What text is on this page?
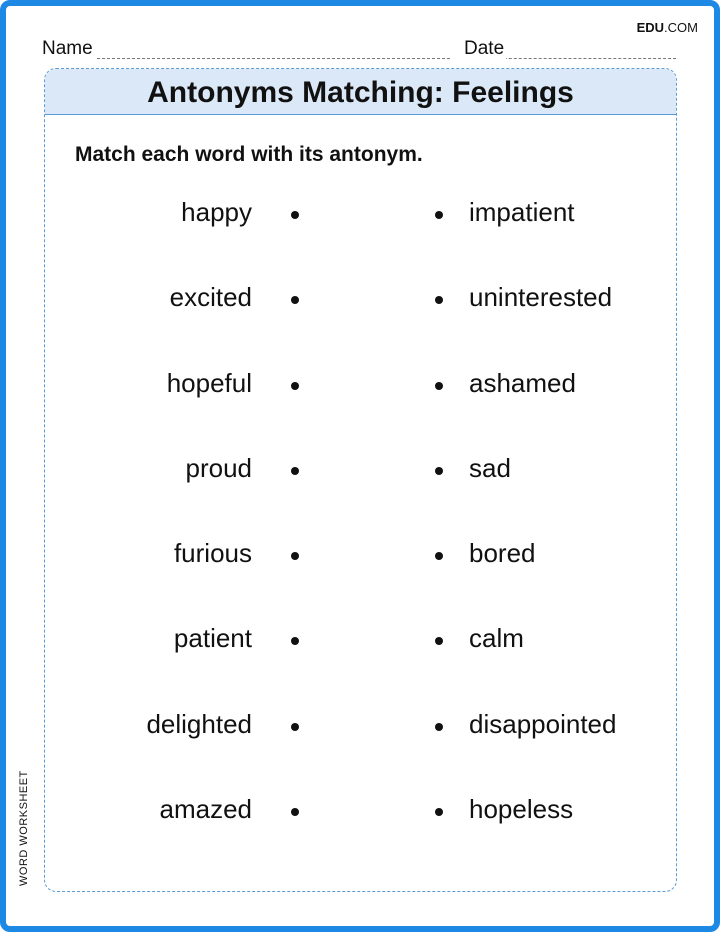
EDU.COM
Name	Date
Antonyms Matching: Feelings
Match each word with its antonym.
happy	impatient
excited	uninterested
hopeful	ashamed
proud	sad
furious	bored
patient	calm
delighted	disappointed
amazed	hopeless
WORD WORKSHEET
